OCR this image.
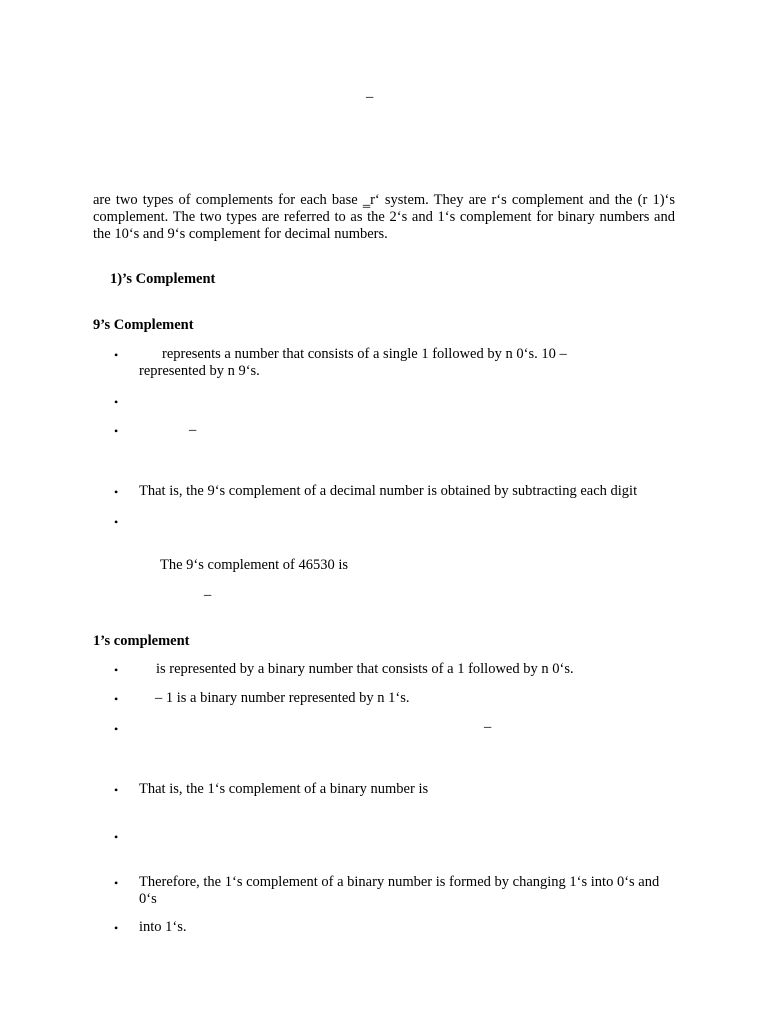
–
are two types of complements for each base ‗r‘ system. They are r‘s complement and the (r 1)‘s complement. The two types are referred to as the 2‘s and 1‘s complement for binary numbers and the 10‘s and 9‘s complement for decimal numbers.
1)’s Complement
9’s Complement
•	represents a number that consists of a single 1 followed by n 0‘s. 10 –
represented by n 9‘s.
•
•	–
• That is, the 9‘s complement of a decimal number is obtained by subtracting each digit
•
The 9‘s complement of 46530 is
–
1’s complement
•	is represented by a binary number that consists of a 1 followed by n 0‘s.
•	– 1 is a binary number represented by n 1‘s.
•	–
• That is, the 1‘s complement of a binary number is
•
• Therefore, the 1‘s complement of a binary number is formed by changing 1‘s into 0‘s and 0‘s
• into 1‘s.
